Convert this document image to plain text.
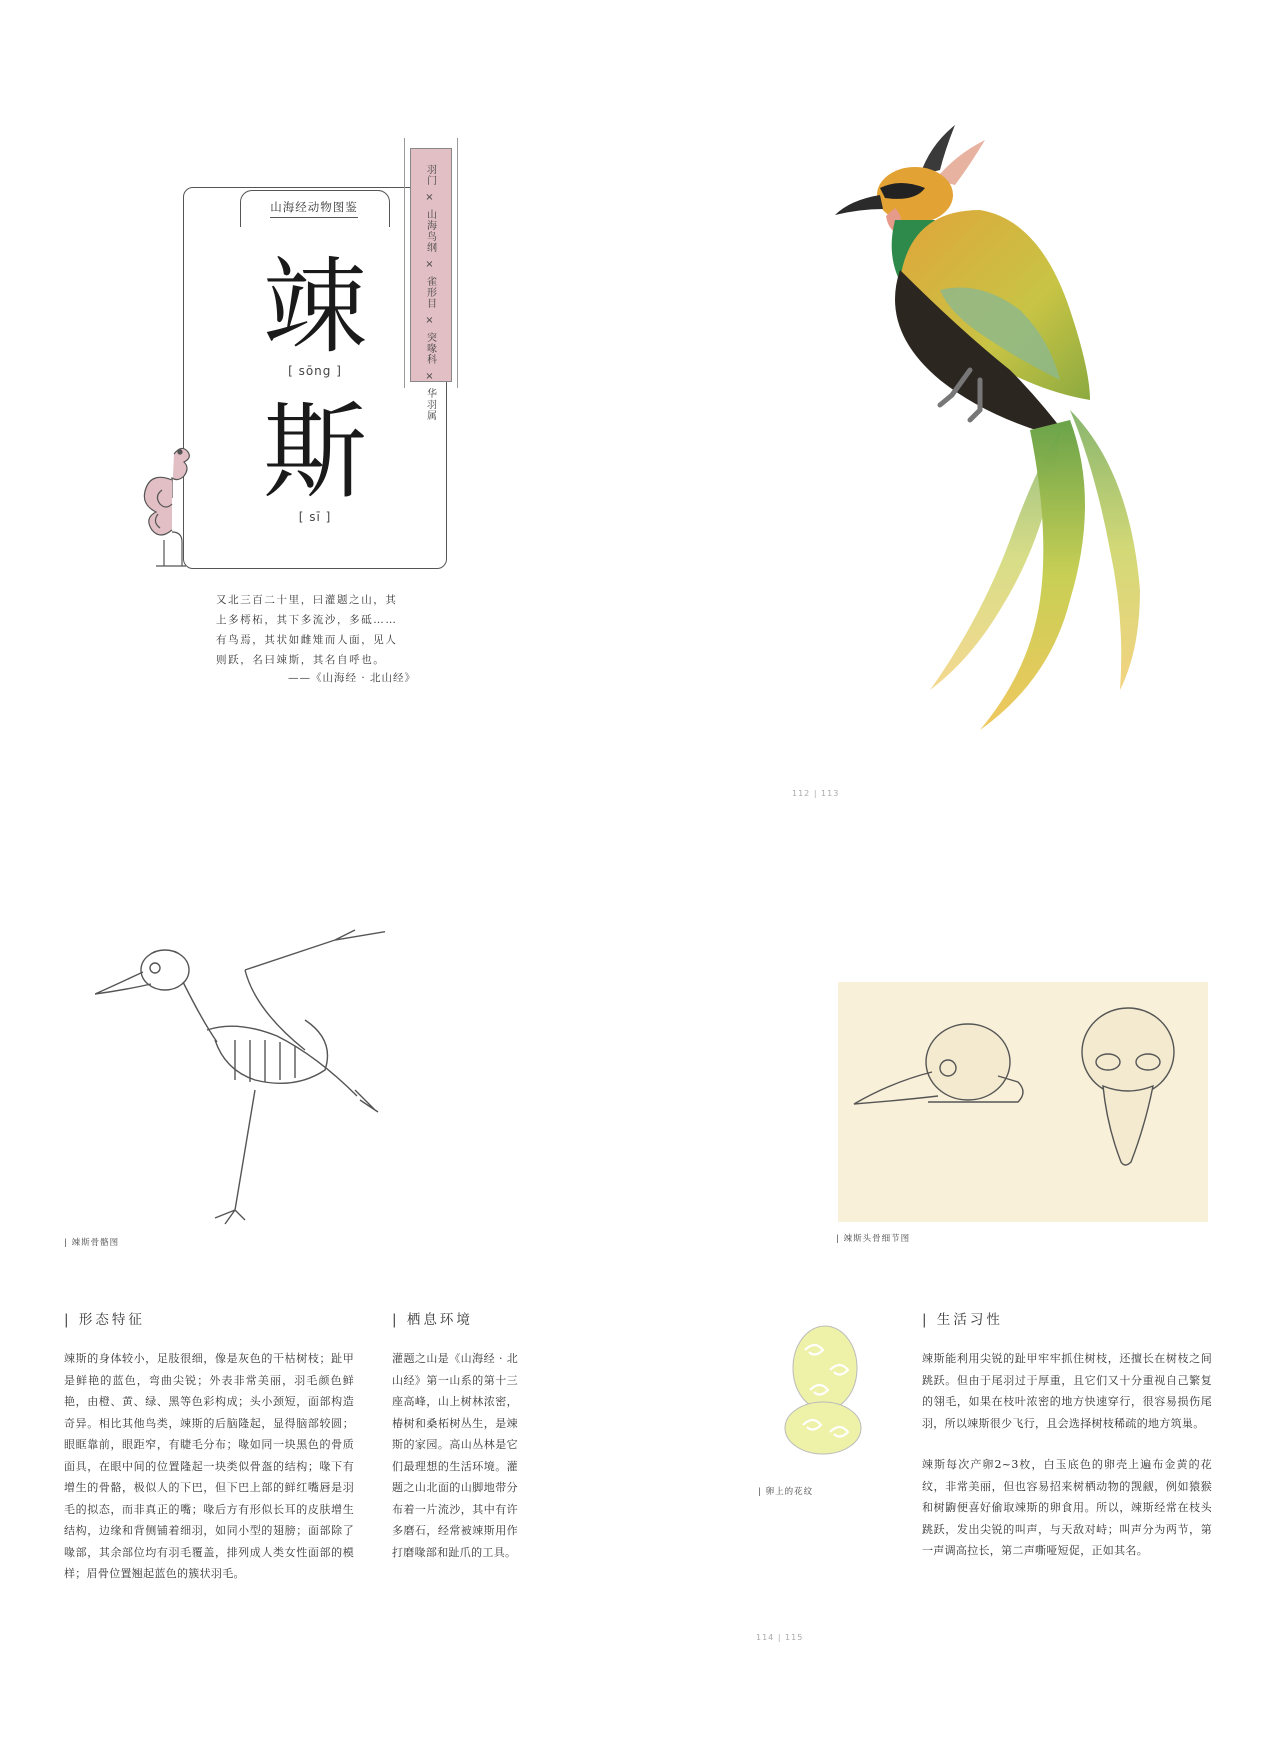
山海经动物图鉴
竦
[ sōng ]
斯
[ sī ]
羽门
×
山海鸟纲
×
雀形目
×
突喙科
×
华羽属
又北三百二十里，曰灌题之山，其
上多樗柘，其下多流沙，多砥……
有鸟焉，其状如雌雉而人面，见人
则跃，名曰竦斯，其名自呼也。
——《山海经 · 北山经》
112 | 113
| 竦斯骨骼图	| 竦斯头骨细节图
| 卵上的花纹
| 形态特征
竦斯的身体较小，足肢很细，像是灰色的干枯树枝；趾甲是鲜艳的蓝色，弯曲尖锐；外表非常美丽，羽毛颜色鲜艳，由橙、黄、绿、黑等色彩构成；头小颈短，面部构造奇异。相比其他鸟类，竦斯的后脑隆起，显得脑部较圆；眼眶靠前，眼距窄，有睫毛分布；喙如同一块黑色的骨质面具，在眼中间的位置隆起一块类似骨盔的结构；喙下有增生的骨骼，极似人的下巴，但下巴上部的鲜红嘴唇是羽毛的拟态，而非真正的嘴；喙后方有形似长耳的皮肤增生结构，边缘和背侧铺着细羽，如同小型的翅膀；面部除了喙部，其余部位均有羽毛覆盖，排列成人类女性面部的模样；眉骨位置翘起蓝色的簇状羽毛。
| 栖息环境
灌题之山是《山海经 · 北山经》第一山系的第十三座高峰，山上树林浓密，椿树和桑柘树丛生，是竦斯的家园。高山丛林是它们最理想的生活环境。灌题之山北面的山脚地带分布着一片流沙，其中有许多磨石，经常被竦斯用作打磨喙部和趾爪的工具。
| 生活习性
竦斯能利用尖锐的趾甲牢牢抓住树枝，还擅长在树枝之间跳跃。但由于尾羽过于厚重，且它们又十分重视自己繁复的翎毛，如果在枝叶浓密的地方快速穿行，很容易损伤尾羽，所以竦斯很少飞行，且会选择树枝稀疏的地方筑巢。
竦斯每次产卵2~3枚，白玉底色的卵壳上遍布金黄的花纹，非常美丽，但也容易招来树栖动物的觊觎，例如猿猴和树鼩便喜好偷取竦斯的卵食用。所以，竦斯经常在枝头跳跃，发出尖锐的叫声，与天敌对峙；叫声分为两节，第一声调高拉长，第二声嘶哑短促，正如其名。
114 | 115
